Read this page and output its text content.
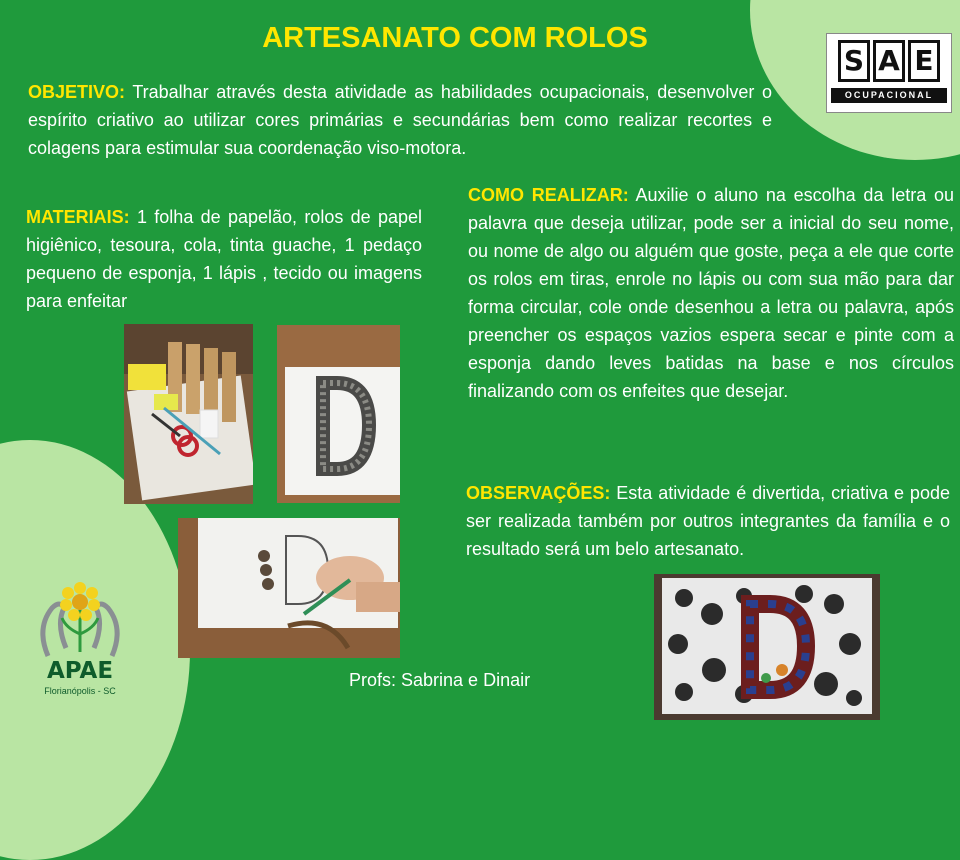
ARTESANATO COM ROLOS
S A E
OCUPACIONAL
OBJETIVO: Trabalhar através desta atividade as habilidades ocupacionais, desenvolver o espírito criativo ao utilizar cores primárias e secundárias bem como realizar recortes e colagens para estimular sua coordenação viso-motora.
MATERIAIS: 1 folha de papelão, rolos de papel higiênico, tesoura, cola, tinta guache, 1 pedaço pequeno de esponja, 1 lápis , tecido ou imagens para enfeitar
COMO REALIZAR: Auxilie o aluno na escolha da letra ou palavra que deseja utilizar, pode ser a inicial do seu nome, ou nome de algo ou alguém que goste, peça a ele que corte os rolos em tiras, enrole no lápis ou com sua mão para dar forma circular, cole onde desenhou a letra ou palavra, após preencher os espaços vazios espera secar e pinte com a esponja dando leves batidas na base e nos círculos finalizando com os enfeites que desejar.
OBSERVAÇÕES: Esta atividade é divertida, criativa e pode ser realizada também por outros integrantes da família e o resultado será um belo artesanato.
APAE
Florianópolis - SC
Profs: Sabrina e Dinair
